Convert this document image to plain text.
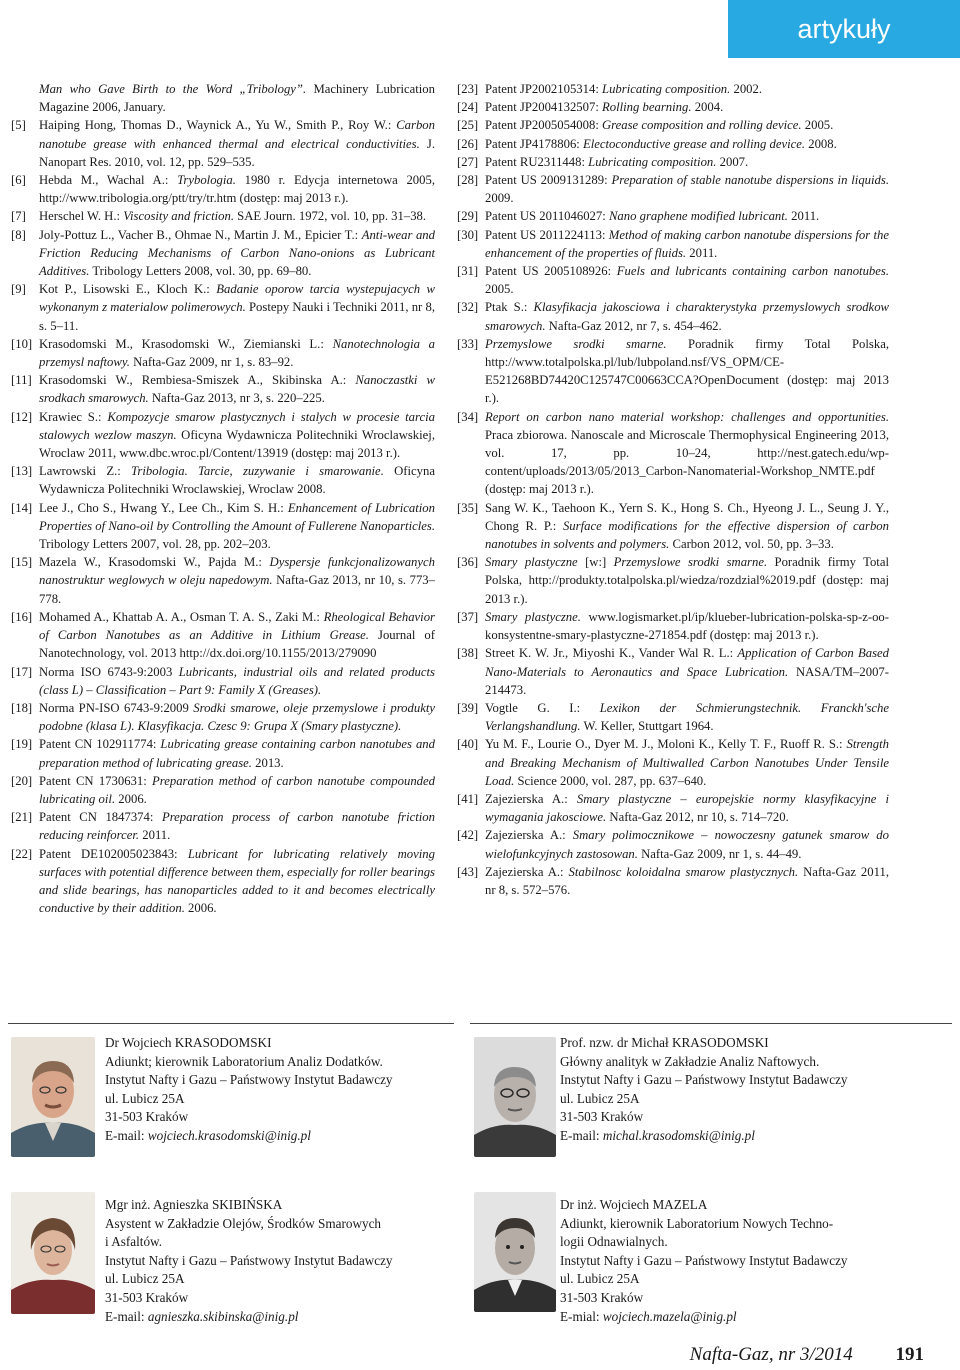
artykuły
Man who Gave Birth to the Word „Tribology”. Machinery Lubrication Magazine 2006, January.
[5]	Haiping Hong, Thomas D., Waynick A., Yu W., Smith P., Roy W.: Carbon nanotube grease with enhanced thermal and electrical conductivities. J. Nanopart Res. 2010, vol. 12, pp. 529–535.
[6]	Hebda M., Wachal A.: Trybologia. 1980 r. Edycja internetowa 2005, http://www.tribologia.org/ptt/try/tr.htm (dostęp: maj 2013 r.).
[7]	Herschel W. H.: Viscosity and friction. SAE Journ. 1972, vol. 10, pp. 31–38.
[8]	Joly-Pottuz L., Vacher B., Ohmae N., Martin J. M., Epicier T.: Anti-wear and Friction Reducing Mechanisms of Carbon Nano-onions as Lubricant Additives. Tribology Letters 2008, vol. 30, pp. 69–80.
[9]	Kot P., Lisowski E., Kloch K.: Badanie oporow tarcia wystepujacych w wykonanym z materialow polimerowych. Postepy Nauki i Techniki 2011, nr 8, s. 5–11.
[10] Krasodomski M., Krasodomski W., Ziemianski L.: Nanotechnologia a przemysl naftowy. Nafta-Gaz 2009, nr 1, s. 83–92.
[11] Krasodomski W., Rembiesa-Smiszek A., Skibinska A.: Nanoczastki w srodkach smarowych. Nafta-Gaz 2013, nr 3, s. 220–225.
[12] Krawiec S.: Kompozycje smarow plastycznych i stalych w procesie tarcia stalowych wezlow maszyn. Oficyna Wydawnicza Politechniki Wroclawskiej, Wroclaw 2011, www.dbc.wroc.pl/Content/13919 (dostęp: maj 2013 r.).
[13] Lawrowski Z.: Tribologia. Tarcie, zuzywanie i smarowanie. Oficyna Wydawnicza Politechniki Wroclawskiej, Wroclaw 2008.
[14] Lee J., Cho S., Hwang Y., Lee Ch., Kim S. H.: Enhancement of Lubrication Properties of Nano-oil by Controlling the Amount of Fullerene Nanoparticles. Tribology Letters 2007, vol. 28, pp. 202–203.
[15] Mazela W., Krasodomski W., Pajda M.: Dyspersje funkcjonalizowanych nanostruktur weglowych w oleju napedowym. Nafta-Gaz 2013, nr 10, s. 773–778.
[16] Mohamed A., Khattab A. A., Osman T. A. S., Zaki M.: Rheological Behavior of Carbon Nanotubes as an Additive in Lithium Grease. Journal of Nanotechnology, vol. 2013 http://dx.doi.org/10.1155/2013/279090
[17] Norma ISO 6743-9:2003 Lubricants, industrial oils and related products (class L) – Classification – Part 9: Family X (Greases).
[18] Norma PN-ISO 6743-9:2009 Srodki smarowe, oleje przemyslowe i produkty podobne (klasa L). Klasyfikacja. Czesc 9: Grupa X (Smary plastyczne).
[19] Patent CN 102911774: Lubricating grease containing carbon nanotubes and preparation method of lubricating grease. 2013.
[20] Patent CN 1730631: Preparation method of carbon nanotube compounded lubricating oil. 2006.
[21] Patent CN 1847374: Preparation process of carbon nanotube friction reducing reinforcer. 2011.
[22] Patent DE102005023843: Lubricant for lubricating relatively moving surfaces with potential difference between them, especially for roller bearings and slide bearings, has nanoparticles added to it and becomes electrically conductive by their addition. 2006.
[23] Patent JP2002105314: Lubricating composition. 2002.
[24] Patent JP2004132507: Rolling bearning. 2004.
[25] Patent JP2005054008: Grease composition and rolling device. 2005.
[26] Patent JP4178806: Electoconductive grease and rolling device. 2008.
[27] Patent RU2311448: Lubricating composition. 2007.
[28] Patent US 2009131289: Preparation of stable nanotube dispersions in liquids. 2009.
[29] Patent US 2011046027: Nano graphene modified lubricant. 2011.
[30] Patent US 2011224113: Method of making carbon nanotube dispersions for the enhancement of the properties of fluids. 2011.
[31] Patent US 2005108926: Fuels and lubricants containing carbon nanotubes. 2005.
[32] Ptak S.: Klasyfikacja jakosciowa i charakterystyka przemyslowych srodkow smarowych. Nafta-Gaz 2012, nr 7, s. 454–462.
[33] Przemyslowe srodki smarne. Poradnik firmy Total Polska, http://www.totalpolska.pl/lub/lubpoland.nsf/VS_OPM/CE-E521268BD74420C125747C00663CCA?OpenDocument (dostęp: maj 2013 r.).
[34] Report on carbon nano material workshop: challenges and opportunities. Praca zbiorowa. Nanoscale and Microscale Thermophysical Engineering 2013, vol. 17, pp. 10–24, http://nest.gatech.edu/wp-content/uploads/2013/05/2013_Carbon-Nanomaterial-Workshop_NMTE.pdf (dostęp: maj 2013 r.).
[35] Sang W. K., Taehoon K., Yern S. K., Hong S. Ch., Hyeong J. L., Seung J. Y., Chong R. P.: Surface modifications for the effective dispersion of carbon nanotubes in solvents and polymers. Carbon 2012, vol. 50, pp. 3–33.
[36] Smary plastyczne [w:] Przemyslowe srodki smarne. Poradnik firmy Total Polska, http://produkty.totalpolska.pl/wiedza/rozdzial%2019.pdf (dostęp: maj 2013 r.).
[37] Smary plastyczne. www.logismarket.pl/ip/klueber-lubrication-polska-sp-z-oo-konsystentne-smary-plastyczne-271854.pdf (dostęp: maj 2013 r.).
[38] Street K. W. Jr., Miyoshi K., Vander Wal R. L.: Application of Carbon Based Nano-Materials to Aeronautics and Space Lubrication. NASA/TM–2007-214473.
[39] Vogtle G. I.: Lexikon der Schmierungstechnik. Franckh'sche Verlangshandlung. W. Keller, Stuttgart 1964.
[40] Yu M. F., Lourie O., Dyer M. J., Moloni K., Kelly T. F., Ruoff R. S.: Strength and Breaking Mechanism of Multiwalled Carbon Nanotubes Under Tensile Load. Science 2000, vol. 287, pp. 637–640.
[41] Zajezierska A.: Smary plastyczne – europejskie normy klasyfikacyjne i wymagania jakosciowe. Nafta-Gaz 2012, nr 10, s. 714–720.
[42] Zajezierska A.: Smary polimocznikowe – nowoczesny gatunek smarow do wielofunkcyjnych zastosowan. Nafta-Gaz 2009, nr 1, s. 44–49.
[43] Zajezierska A.: Stabilnosc koloidalna smarow plastycznych. Nafta-Gaz 2011, nr 8, s. 572–576.
Dr Wojciech KRASODOMSKI
Adiunkt; kierownik Laboratorium Analiz Dodatków.
Instytut Nafty i Gazu – Państwowy Instytut Badawczy
ul. Lubicz 25A
31-503 Kraków
E-mail: wojciech.krasodomski@inig.pl
Prof. nzw. dr Michał KRASODOMSKI
Główny analityk w Zakładzie Analiz Naftowych.
Instytut Nafty i Gazu – Państwowy Instytut Badawczy
ul. Lubicz 25A
31-503 Kraków
E-mail: michal.krasodomski@inig.pl
Mgr inż. Agnieszka SKIBIŃSKA
Asystent w Zakładzie Olejów, Środków Smarowych
i Asfaltów.
Instytut Nafty i Gazu – Państwowy Instytut Badawczy
ul. Lubicz 25A
31-503 Kraków
E-mail: agnieszka.skibinska@inig.pl
Dr inż. Wojciech MAZELA
Adiunkt, kierownik Laboratorium Nowych Techno-
logii Odnawialnych.
Instytut Nafty i Gazu – Państwowy Instytut Badawczy
ul. Lubicz 25A
31-503 Kraków
E-mial: wojciech.mazela@inig.pl
Nafta-Gaz, nr 3/2014 191
